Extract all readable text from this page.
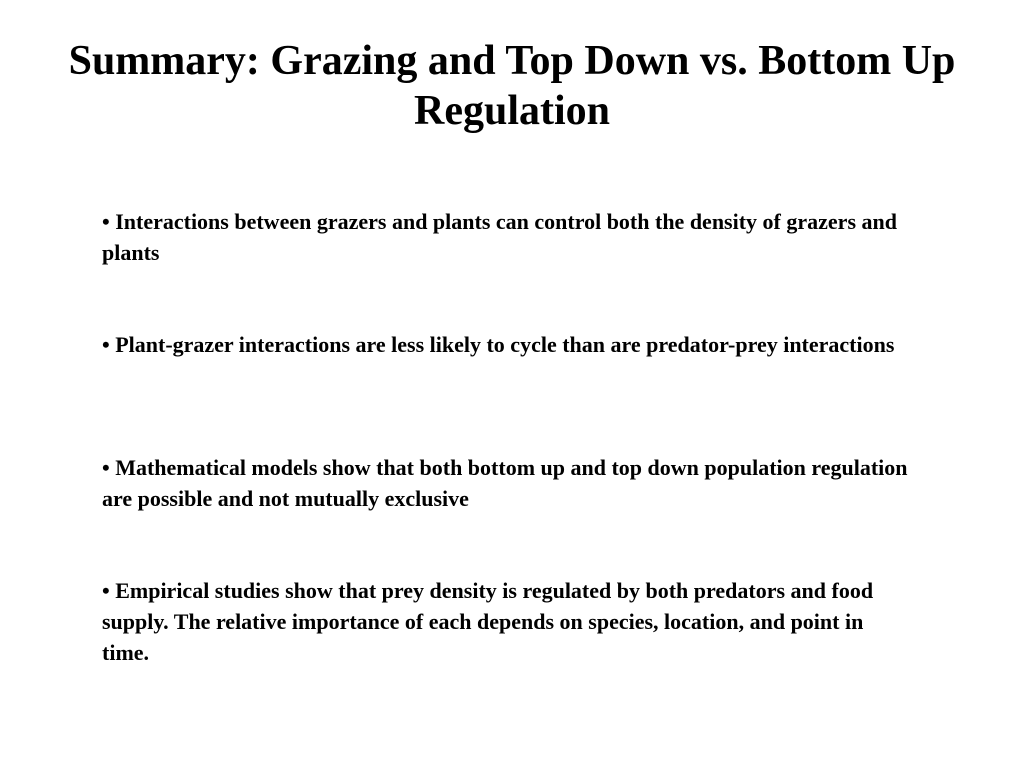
Summary: Grazing and Top Down vs. Bottom Up Regulation

• Interactions between grazers and plants can control both the density of grazers and plants

• Plant-grazer interactions are less likely to cycle than are predator-prey interactions

• Mathematical models show that both bottom up and top down population regulation are possible and not mutually exclusive

• Empirical studies show that prey density is regulated by both predators and food supply. The relative importance of each depends on species, location, and point in time.
